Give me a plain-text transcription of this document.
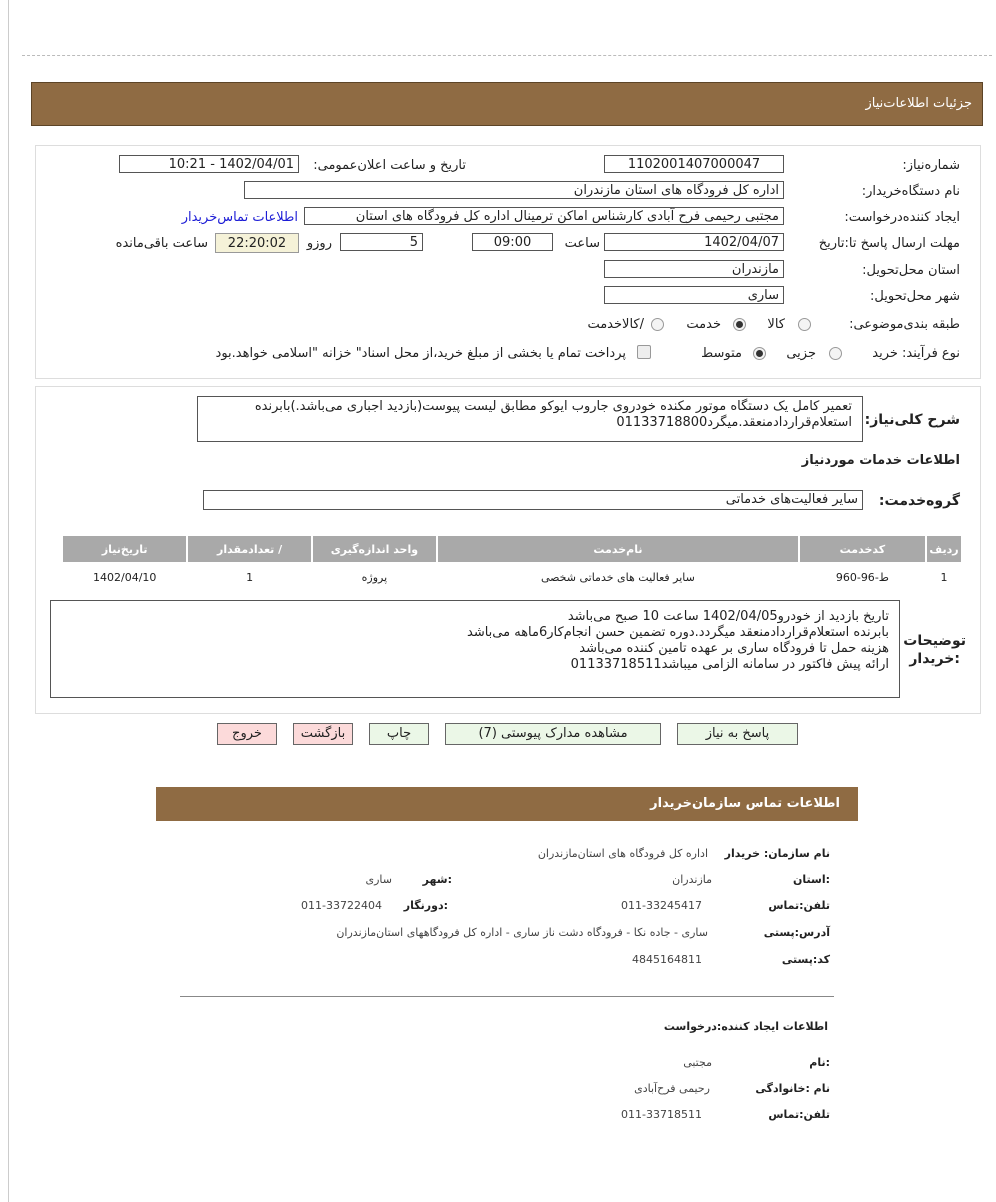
جزئیات اطلاعات‌نیاز
شماره‌نیاز:
1102001407000047
تاریخ و ساعت اعلان‌عمومی:
1402/04/01 - 10:21
نام دستگاه‌خریدار:
اداره کل فرودگاه های استان مازندران
ایجاد کننده‌درخواست:
مجتبی رحیمی فرح آبادی کارشناس اماکن ترمینال اداره کل فرودگاه های استان
اطلاعات تماس‌خریدار
مهلت ارسال پاسخ تا:تاریخ
1402/04/07
ساعت
09:00
5
روزو
22:20:02
ساعت باقی‌مانده
استان محل‌تحویل:
مازندران
شهر محل‌تحویل:
ساری
طبقه بندی‌موضوعی:
کالا
خدمت
/کالاخدمت
نوع فرآیند: خرید
جزیی
متوسط
پرداخت تمام یا بخشی از مبلغ خرید،از محل اسناد" خزانه "اسلامی خواهد.بود
شرح کلی‌نیاز:
تعمیر کامل یک دستگاه موتور مکنده خودروی جاروب ایوکو مطابق لیست پیوست(بازدید اجباری می‌باشد.)بابرنده
استعلام‌قراردادمنعقد.میگرد01133718800
اطلاعات خدمات موردنیاز
گروه‌خدمت:
سایر فعالیت‌های خدماتی
ردیف	کدخدمت	نام‌خدمت	واحد اندازه‌گیری	/ تعدادمقدار	تاریخ‌نیاز
1	ط-96-960	سایر فعالیت های خدماتی شخصی	پروژه	1	1402/04/10
توضیحات
:خریدار
تاریخ بازدید از خودرو1402/04/05 ساعت 10 صبح می‌باشد
بابرنده استعلام‌قراردادمنعقد میگردد.دوره تضمین حسن انجام‌کار6ماهه می‌باشد
هزینه حمل تا فرودگاه ساری بر عهده تامین کننده می‌باشد
ارائه پیش فاکتور در سامانه الزامی میباشد01133718511
پاسخ به نیاز
مشاهده مدارک پیوستی (7)
چاپ
بازگشت
خروج
اطلاعات تماس سازمان‌خریدار
نام سازمان: خریدار
اداره کل فرودگاه های استان‌مازندران
:استان
مازندران
:شهر
ساری
تلفن:تماس
011-33245417
:دورنگار
011-33722404
آدرس:پستی
ساری - جاده نکا - فرودگاه دشت ناز ساری - اداره کل فرودگاههای استان‌مازندران
کد:پستی
4845164811
اطلاعات ایجاد کننده:درخواست
:نام
مجتبی
نام :خانوادگی
رحیمی فرح‌آبادی
تلفن:تماس
011-33718511
